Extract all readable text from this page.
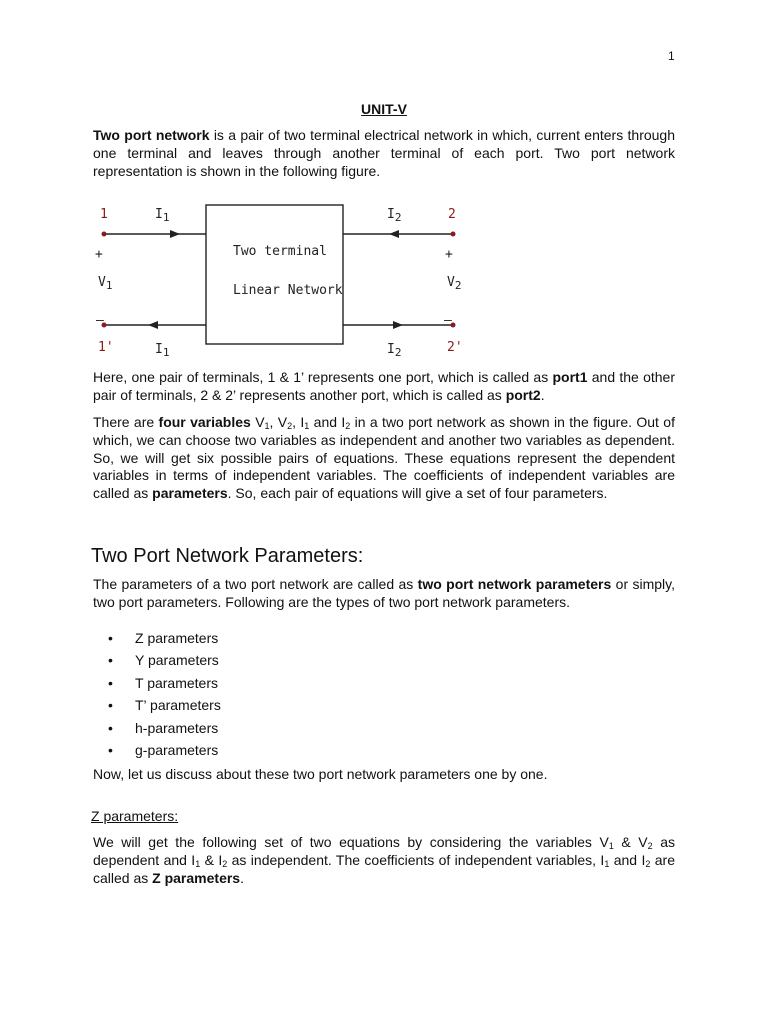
1
UNIT-V

Two port network is a pair of two terminal electrical network in which, current enters through one terminal and leaves through another terminal of each port. Two port network representation is shown in the following figure.

Two terminal
Linear Network
1
1'
2
2'
$I_1$
$I_1$
$I_2$
$I_2$
+	+
$V_1$	$V_2$
—	—

Here, one pair of terminals, 1 & 1’ represents one port, which is called as port1 and the other pair of terminals, 2 & 2’ represents another port, which is called as port2.

There are four variables $V_1$, $V_2$, $I_1$ and $I_2$ in a two port network as shown in the figure. Out of which, we can choose two variables as independent and another two variables as dependent. So, we will get six possible pairs of equations. These equations represent the dependent variables in terms of independent variables. The coefficients of independent variables are called as parameters. So, each pair of equations will give a set of four parameters.

Two Port Network Parameters:

The parameters of a two port network are called as two port network parameters or simply, two port parameters. Following are the types of two port network parameters.

•	Z parameters
•	Y parameters
•	T parameters
•	T’ parameters
•	h-parameters
•	g-parameters

Now, let us discuss about these two port network parameters one by one.

Z parameters:

We will get the following set of two equations by considering the variables $V_1$ & $V_2$ as dependent and $I_1$ & $I_2$ as independent. The coefficients of independent variables, $I_1$ and $I_2$ are called as Z parameters.
